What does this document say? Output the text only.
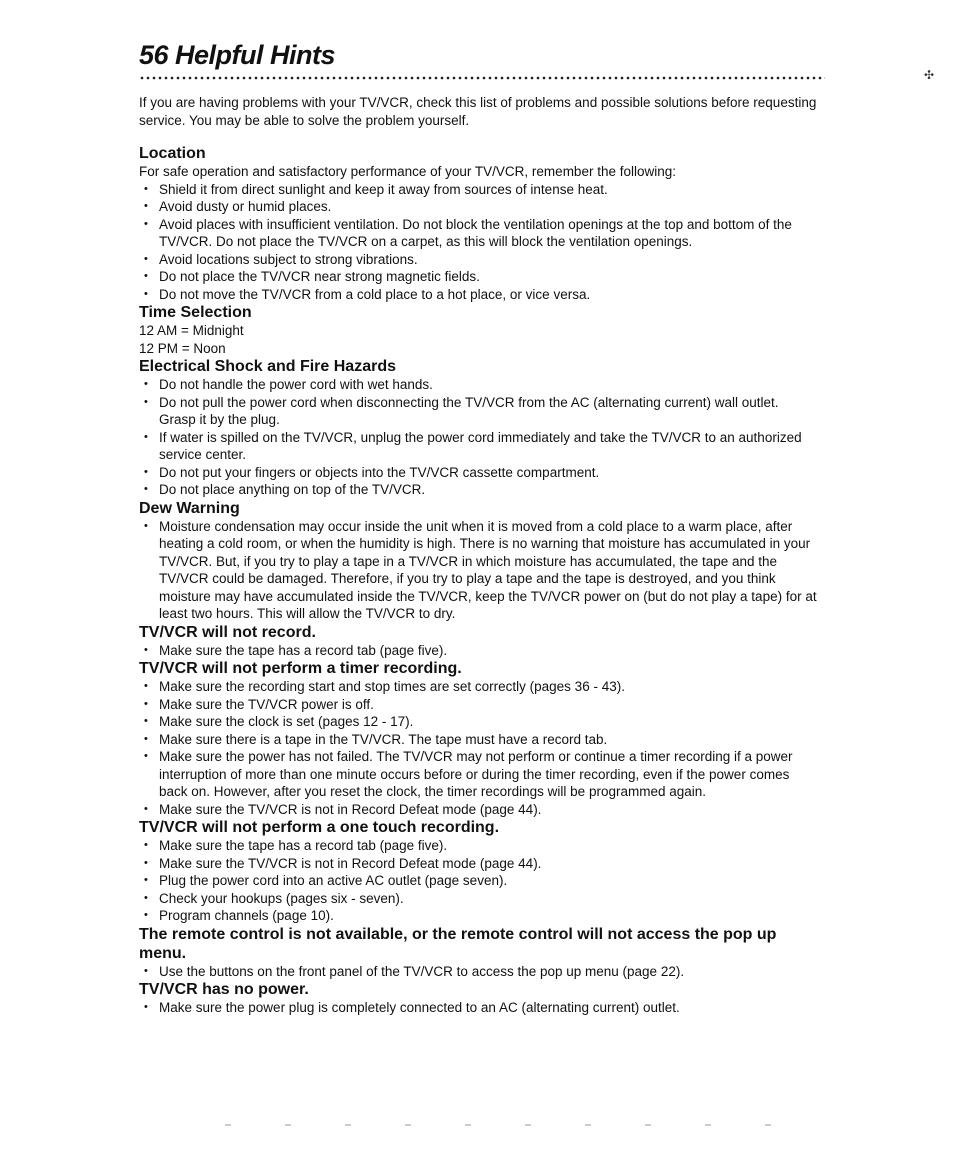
56 Helpful Hints
✣

If you are having problems with your TV/VCR, check this list of problems and possible solutions before requesting service. You may be able to solve the problem yourself.

Location

For safe operation and satisfactory performance of your TV/VCR, remember the following:

• Shield it from direct sunlight and keep it away from sources of intense heat.
• Avoid dusty or humid places.
• Avoid places with insufficient ventilation. Do not block the ventilation openings at the top and bottom of the TV/VCR. Do not place the TV/VCR on a carpet, as this will block the ventilation openings.
• Avoid locations subject to strong vibrations.
• Do not place the TV/VCR near strong magnetic fields.
• Do not move the TV/VCR from a cold place to a hot place, or vice versa.
Time Selection

12 AM = Midnight

12 PM = Noon

Electrical Shock and Fire Hazards
• Do not handle the power cord with wet hands.
• Do not pull the power cord when disconnecting the TV/VCR from the AC (alternating current) wall outlet. Grasp it by the plug.
• If water is spilled on the TV/VCR, unplug the power cord immediately and take the TV/VCR to an authorized service center.
• Do not put your fingers or objects into the TV/VCR cassette compartment.
• Do not place anything on top of the TV/VCR.
Dew Warning
• Moisture condensation may occur inside the unit when it is moved from a cold place to a warm place, after heating a cold room, or when the humidity is high. There is no warning that moisture has accumulated in your TV/VCR. But, if you try to play a tape in a TV/VCR in which moisture has accumulated, the tape and the TV/VCR could be damaged. Therefore, if you try to play a tape and the tape is destroyed, and you think moisture may have accumulated inside the TV/VCR, keep the TV/VCR power on (but do not play a tape) for at least two hours. This will allow the TV/VCR to dry.
TV/VCR will not record.
• Make sure the tape has a record tab (page five).
TV/VCR will not perform a timer recording.
• Make sure the recording start and stop times are set correctly (pages 36 - 43).
• Make sure the TV/VCR power is off.
• Make sure the clock is set (pages 12 - 17).
• Make sure there is a tape in the TV/VCR. The tape must have a record tab.
• Make sure the power has not failed. The TV/VCR may not perform or continue a timer recording if a power interruption of more than one minute occurs before or during the timer recording, even if the power comes back on. However, after you reset the clock, the timer recordings will be programmed again.
• Make sure the TV/VCR is not in Record Defeat mode (page 44).
TV/VCR will not perform a one touch recording.
• Make sure the tape has a record tab (page five).
• Make sure the TV/VCR is not in Record Defeat mode (page 44).
• Plug the power cord into an active AC outlet (page seven).
• Check your hookups (pages six - seven).
• Program channels (page 10).
The remote control is not available, or the remote control will not access the pop up menu.
• Use the buttons on the front panel of the TV/VCR to access the pop up menu (page 22).
TV/VCR has no power.
• Make sure the power plug is completely connected to an AC (alternating current) outlet.
